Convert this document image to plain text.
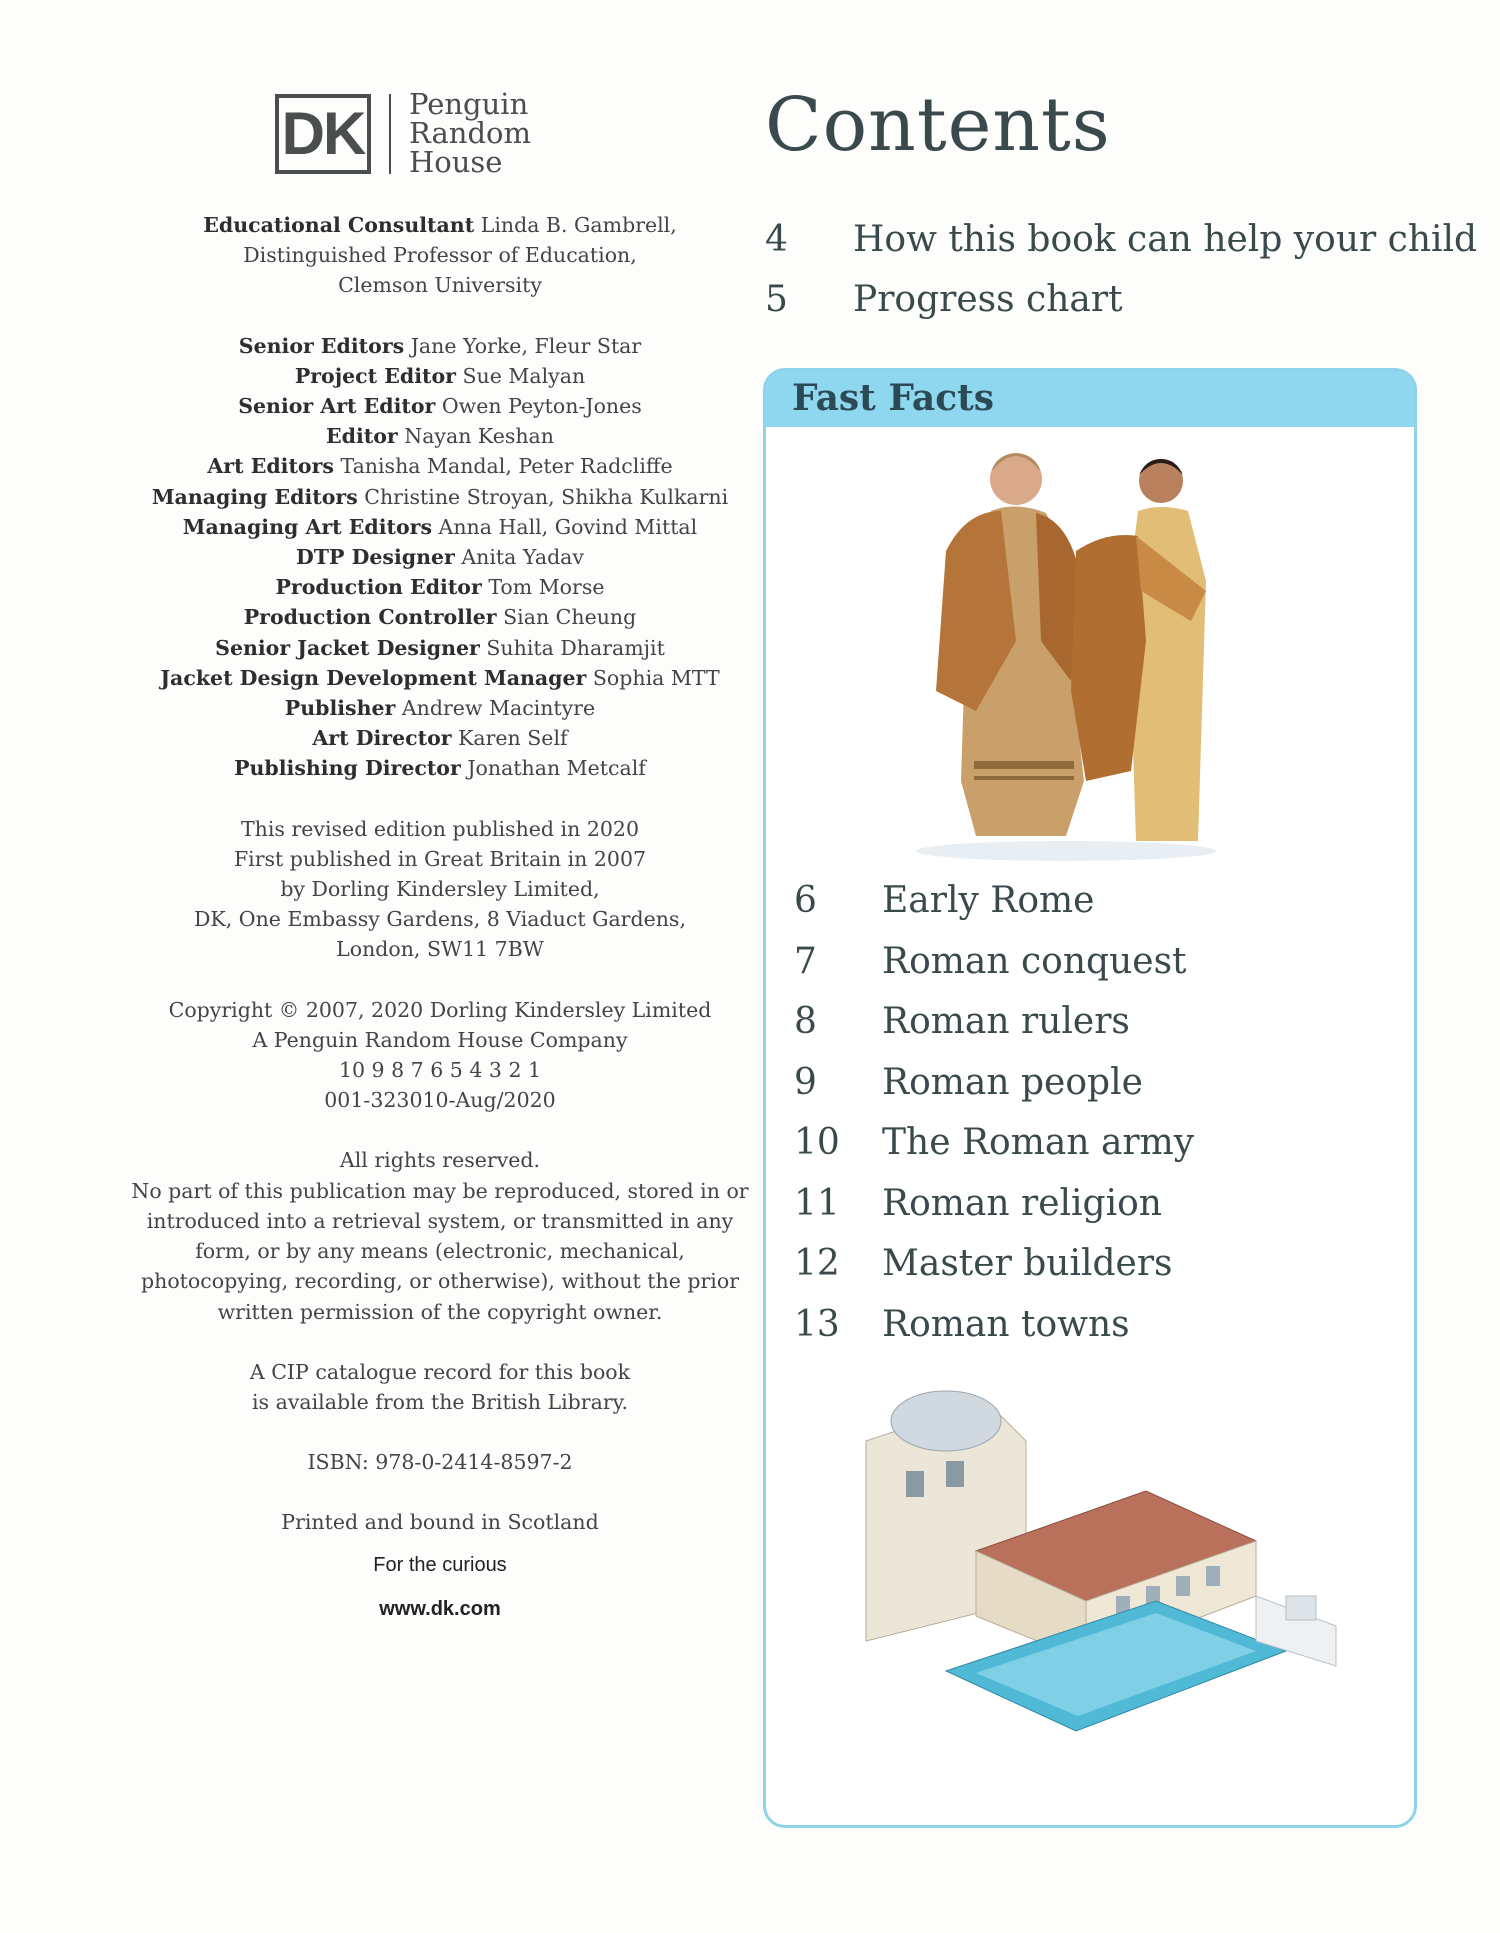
DK Penguin
Random
House
Educational Consultant Linda B. Gambrell,
Distinguished Professor of Education,
Clemson University
Senior Editors Jane Yorke, Fleur Star
Project Editor Sue Malyan
Senior Art Editor Owen Peyton-Jones
Editor Nayan Keshan
Art Editors Tanisha Mandal, Peter Radcliffe
Managing Editors Christine Stroyan, Shikha Kulkarni
Managing Art Editors Anna Hall, Govind Mittal
DTP Designer Anita Yadav
Production Editor Tom Morse
Production Controller Sian Cheung
Senior Jacket Designer Suhita Dharamjit
Jacket Design Development Manager Sophia MTT
Publisher Andrew Macintyre
Art Director Karen Self
Publishing Director Jonathan Metcalf
This revised edition published in 2020
First published in Great Britain in 2007
by Dorling Kindersley Limited,
DK, One Embassy Gardens, 8 Viaduct Gardens,
London, SW11 7BW
Copyright © 2007, 2020 Dorling Kindersley Limited
A Penguin Random House Company
10 9 8 7 6 5 4 3 2 1
001-323010-Aug/2020
All rights reserved.
No part of this publication may be reproduced, stored in or
introduced into a retrieval system, or transmitted in any
form, or by any means (electronic, mechanical,
photocopying, recording, or otherwise), without the prior
written permission of the copyright owner.
A CIP catalogue record for this book
is available from the British Library.
ISBN: 978-0-2414-8597-2
Printed and bound in Scotland
For the curious
www.dk.com
Contents
4	How this book can help your child
5	Progress chart
Fast Facts
6	Early Rome
7	Roman conquest
8	Roman rulers
9	Roman people
10	The Roman army
11	Roman religion
12	Master builders
13	Roman towns
